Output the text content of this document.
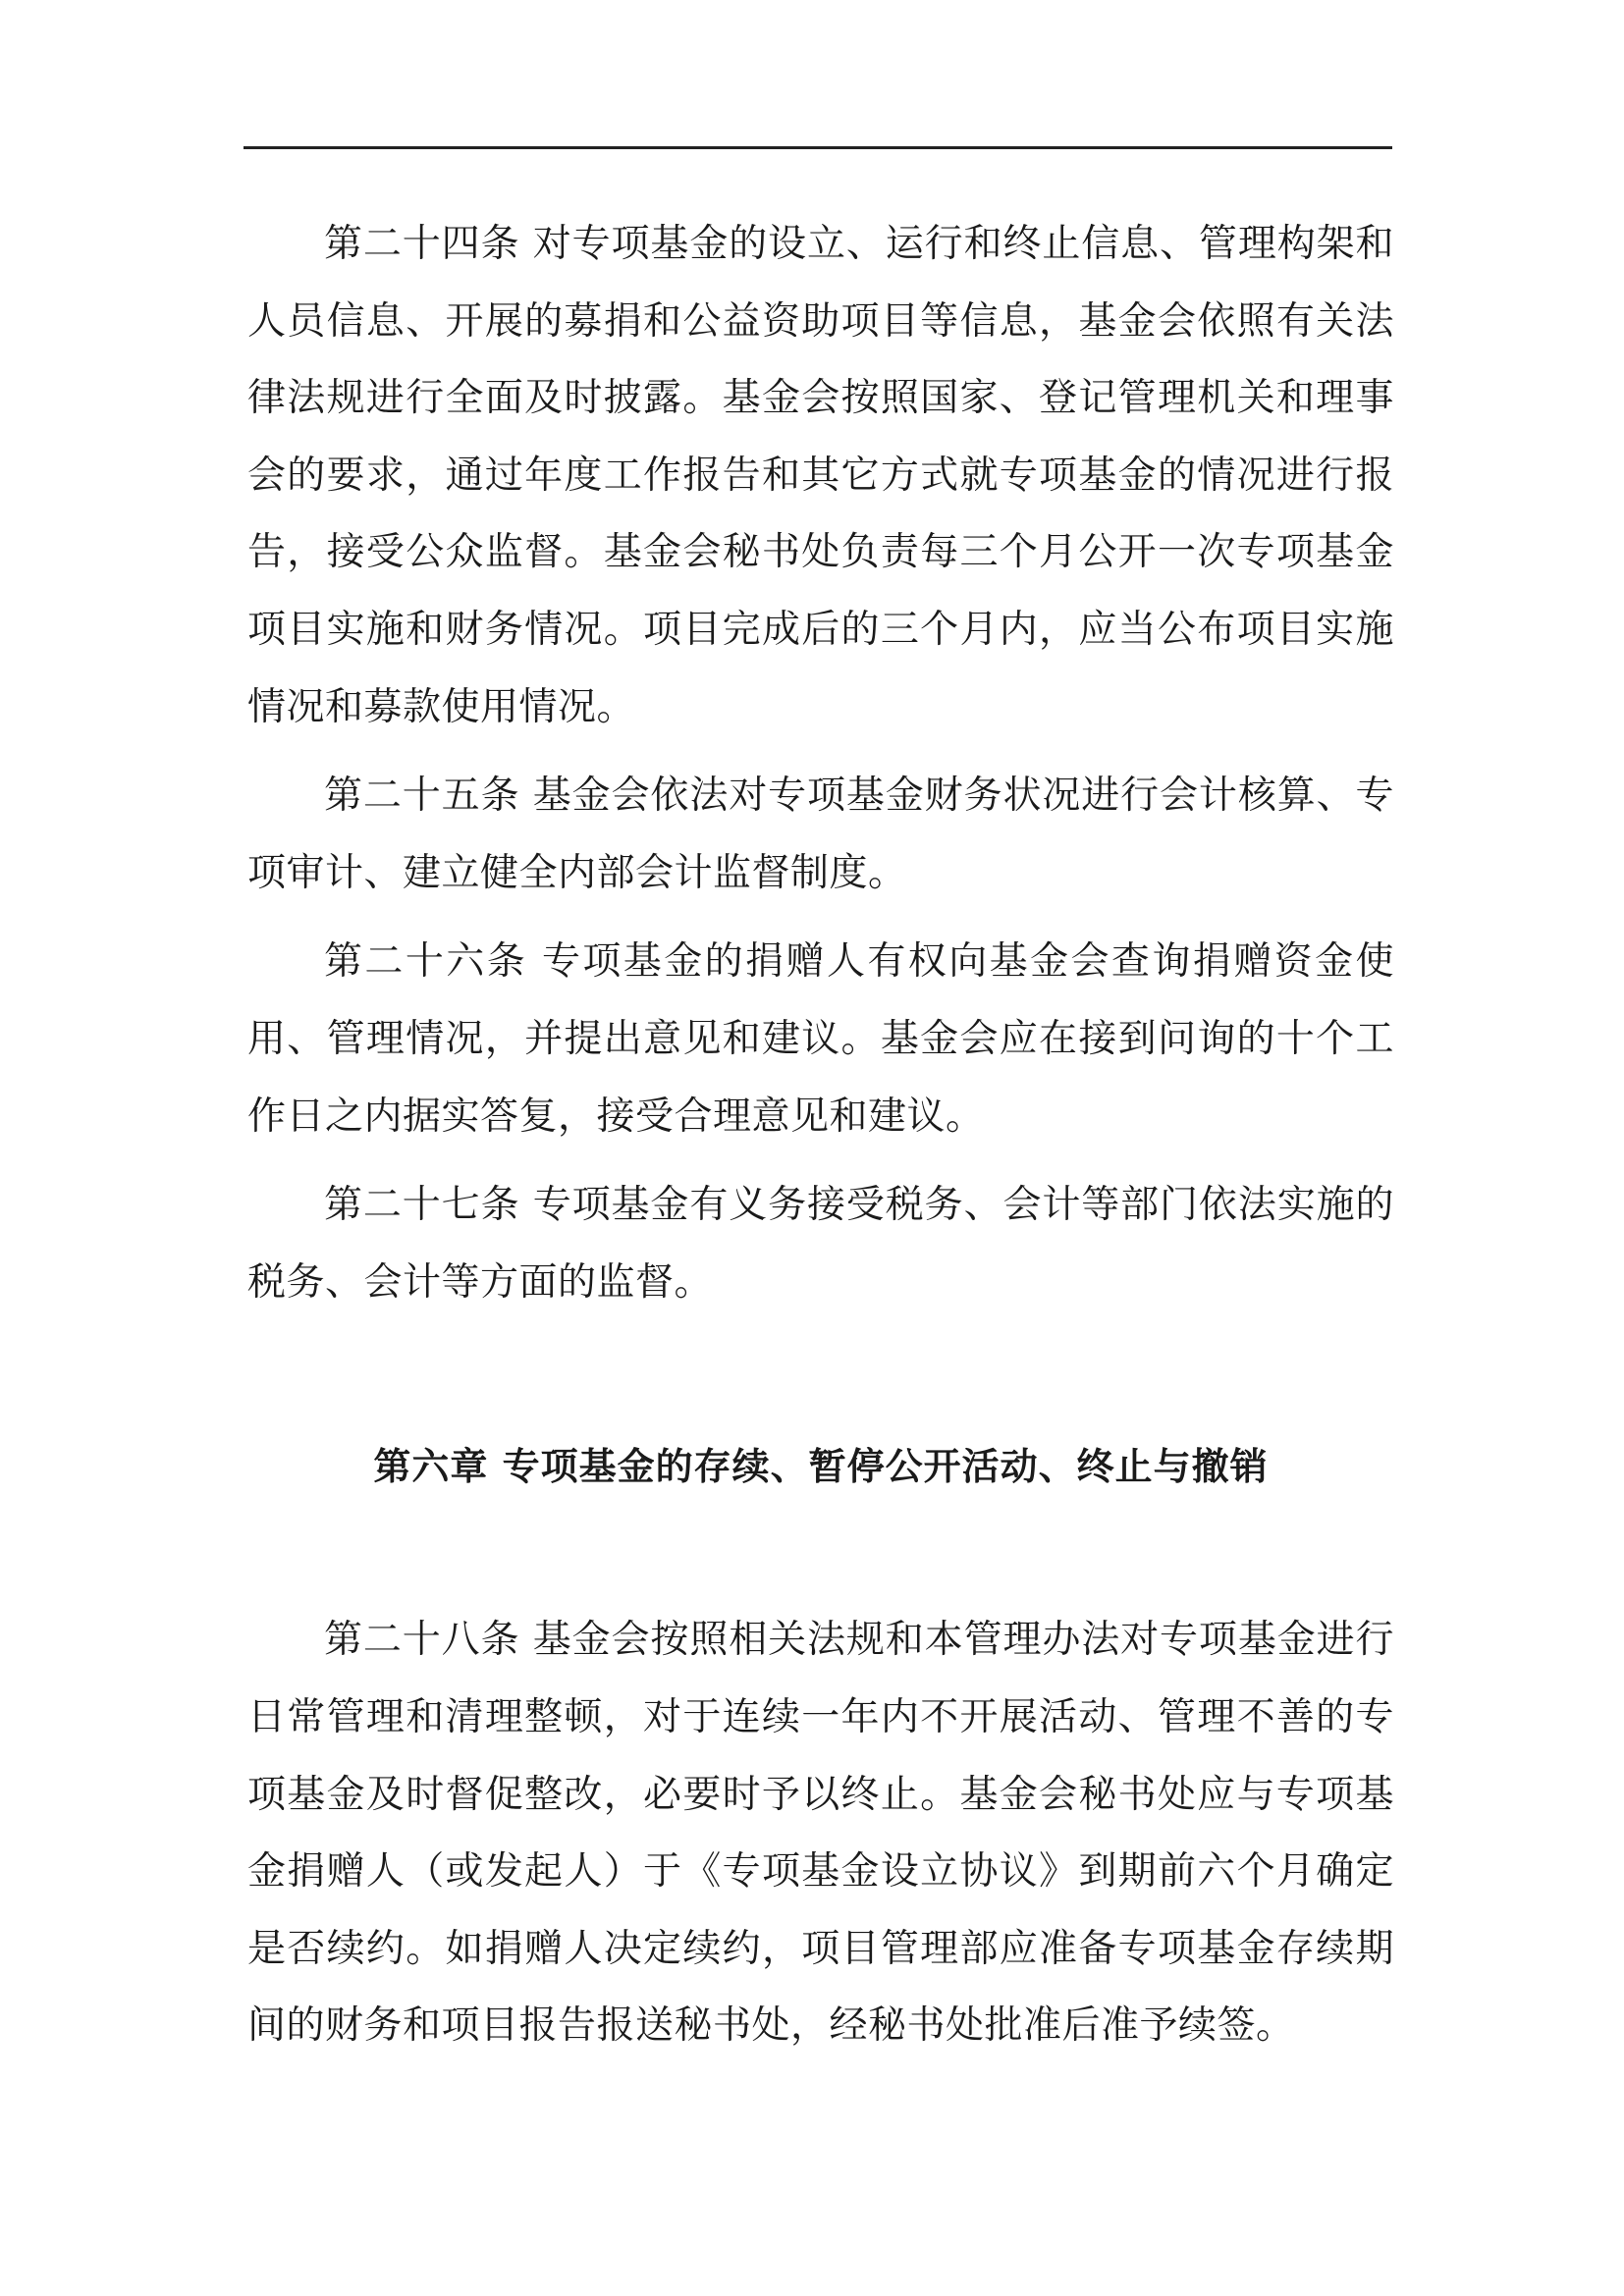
第二十四条 对专项基金的设立、运行和终止信息、管理构架和人员信息、开展的募捐和公益资助项目等信息，基金会依照有关法律法规进行全面及时披露。基金会按照国家、登记管理机关和理事会的要求，通过年度工作报告和其它方式就专项基金的情况进行报告，接受公众监督。基金会秘书处负责每三个月公开一次专项基金项目实施和财务情况。项目完成后的三个月内，应当公布项目实施情况和募款使用情况。

第二十五条 基金会依法对专项基金财务状况进行会计核算、专项审计、建立健全内部会计监督制度。

第二十六条 专项基金的捐赠人有权向基金会查询捐赠资金使用、管理情况，并提出意见和建议。基金会应在接到问询的十个工作日之内据实答复，接受合理意见和建议。

第二十七条 专项基金有义务接受税务、会计等部门依法实施的税务、会计等方面的监督。

第六章 专项基金的存续、暂停公开活动、终止与撤销

第二十八条 基金会按照相关法规和本管理办法对专项基金进行日常管理和清理整顿，对于连续一年内不开展活动、管理不善的专项基金及时督促整改，必要时予以终止。基金会秘书处应与专项基金捐赠人（或发起人）于《专项基金设立协议》到期前六个月确定是否续约。如捐赠人决定续约，项目管理部应准备专项基金存续期间的财务和项目报告报送秘书处，经秘书处批准后准予续签。
